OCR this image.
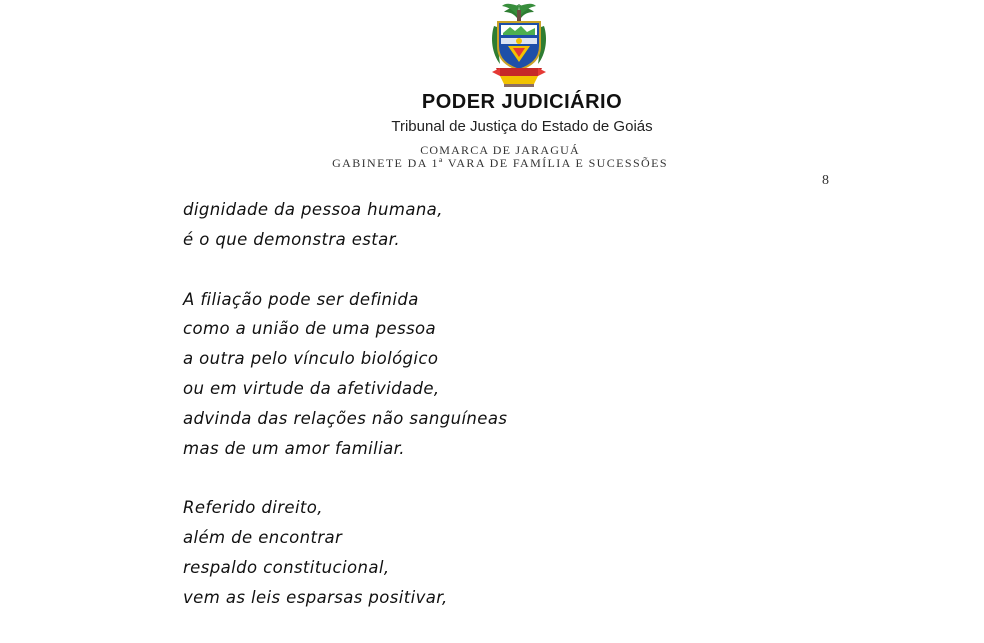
PODER JUDICIÁRIO
Tribunal de Justiça do Estado de Goiás
COMARCA DE JARAGUÁ
GABINETE DA 1ª VARA DE FAMÍLIA E SUCESSÕES
8
dignidade da pessoa humana,
é o que demonstra estar.
A filiação pode ser definida
como a união de uma pessoa
a outra pelo vínculo biológico
ou em virtude da afetividade,
advinda das relações não sanguíneas
mas de um amor familiar.
Referido direito,
além de encontrar
respaldo constitucional,
vem as leis esparsas positivar,
